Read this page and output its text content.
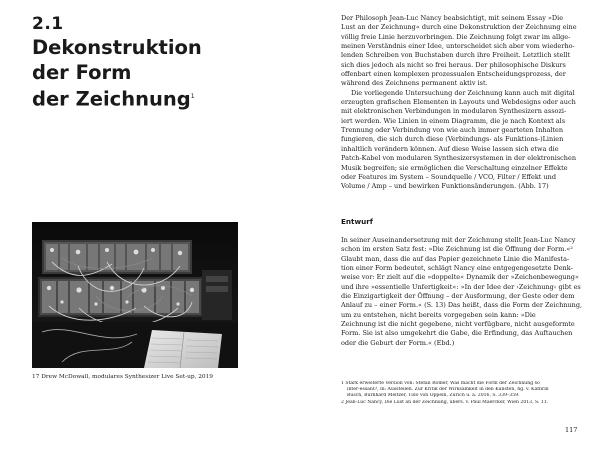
2.1
Dekonstruktion
der Form
der Zeichnung$^1$
17 Drew McDowall, modulares Synthesizer Live Set-up, 2019

Der Philosoph Jean-Luc Nancy beabsichtigt, mit seinem Essay »Die
Lust an der Zeichnung« durch eine Dekonstruktion der Zeichnung eine
völlig freie Linie herzuvorbringen. Die Zeichnung folgt zwar im allge-
meinen Verständnis einer Idee, unterscheidet sich aber vom wiederho-
lenden Schreiben von Buchstaben durch ihre Freiheit. Letztlich stellt
sich dies jedoch als nicht so frei heraus. Der philosophische Diskurs
offenbart einen komplexen prozessualen Entscheidungsprozess, der
während des Zeichnens permanent aktiv ist.

Die vorliegende Untersuchung der Zeichnung kann auch mit digital
erzeugten grafischen Elementen in Layouts und Webdesigns oder auch
mit elektronischen Verbindungen in modularen Synthesizern assozi-
iert werden. Wie Linien in einem Diagramm, die je nach Kontext als
Trennung oder Verbindung von wie auch immer gearteten Inhalten
fungieren, die sich durch diese (Verbindungs- als Funktions-)Linien
inhaltlich verändern können. Auf diese Weise lassen sich etwa die
Patch-Kabel von modularen Synthesizersystemen in der elektronischen
Musik begreifen; sie ermöglichen die Verschaltung einzelner Effekte
oder Features im System – Soundquelle / VCO, Filter / Effekt und
Volume / Amp – und bewirken Funktionsänderungen. (Abb. 17)

Entwurf
In seiner Auseinandersetzung mit der Zeichnung stellt Jean-Luc Nancy
schon im ersten Satz fest: »Die Zeichnung ist die Öffnung der Form.«²
Glaubt man, dass die auf das Papier gezeichnete Linie die Manifesta-
tion einer Form bedeutet, schlägt Nancy eine entgegengesetzte Denk-
weise vor: Er zielt auf die »doppelte« Dynamik der »Zeichenbewegung«
und ihre »essentielle Unfertigkeit«: »In der Idee der ›Zeichnung‹ gibt es
die Einzigartigkeit der Öffnung – der Ausformung, der Geste oder dem
Anlauf zu – einer Form.« (S. 13) Das heißt, dass die Form der Zeichnung,
um zu entstehen, nicht bereits vorgegeben sein kann: »Die
Zeichnung ist die nicht gegebene, nicht verfügbare, nicht ausgeformte
Form. Sie ist also umgekehrt die Gabe, die Erfindung, das Auftauchen
oder die Geburt der Form.« (Ebd.)
1 Stark erweiterte Version von: Stefan Römer, Was macht die Form der Zeichnung so
inter-essant?, in: Ausstellen. Zur Kritik der Wirksamkeit in den Künsten, hg. v. Kathrin
Busch, Burkhard Meltzer, Tido von Oppeln, Zürich u. a. 2016, S. 339–359.
2 Jean-Luc Nancy, Die Lust an der Zeichnung, übers. v. Paul Maercker, Wien 2013, S. 11.
117
